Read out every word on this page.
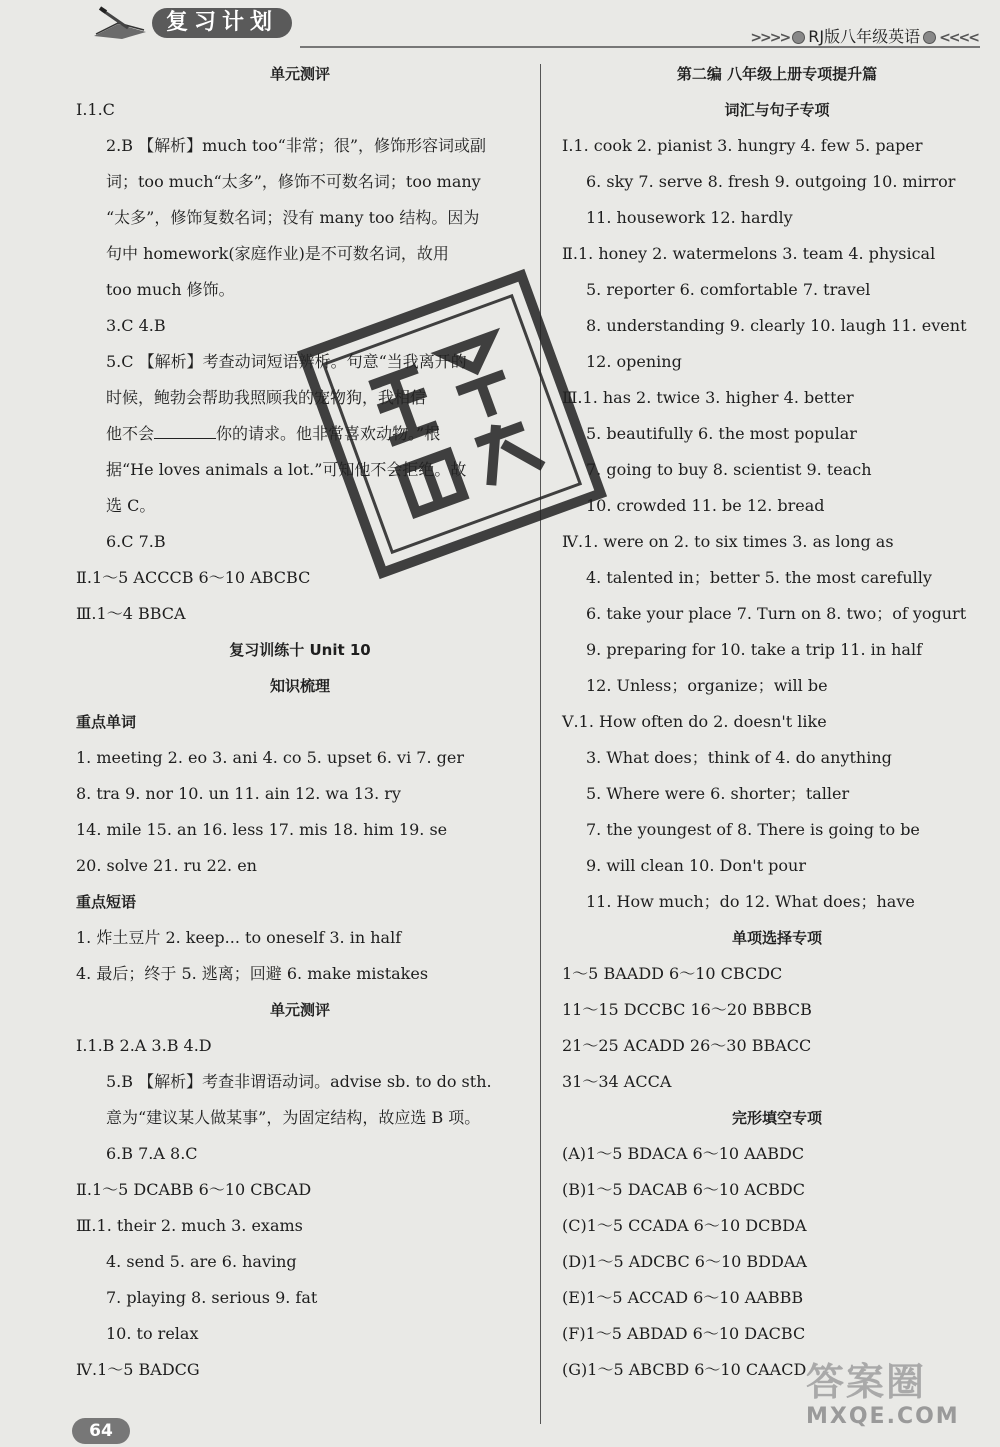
复习计划
>>>> RJ版八年级英语 <<<<
单元测评
Ⅰ.1.C
2.B 【解析】much too“非常；很”，修饰形容词或副
词；too much“太多”，修饰不可数名词；too many
“太多”，修饰复数名词；没有 many too 结构。因为
句中 homework(家庭作业)是不可数名词，故用
too much 修饰。
3.C 4.B
5.C 【解析】考查动词短语辨析。句意“当我离开的
时候，鲍勃会帮助我照顾我的宠物狗，我相信
他不会	你的请求。他非常喜欢动物。”根
据“He loves animals a lot.”可知他不会拒绝。故
选 C。
6.C 7.B
Ⅱ.1～5 ACCCB 6～10 ABCBC
Ⅲ.1～4 BBCA
复习训练十 Unit 10
知识梳理
重点单词
1. meeting 2. eo 3. ani 4. co 5. upset 6. vi 7. ger
8. tra 9. nor 10. un 11. ain 12. wa 13. ry
14. mile 15. an 16. less 17. mis 18. him 19. se
20. solve 21. ru 22. en
重点短语
1. 炸土豆片 2. keep... to oneself 3. in half
4. 最后；终于 5. 逃离；回避 6. make mistakes
单元测评
Ⅰ.1.B 2.A 3.B 4.D
5.B 【解析】考查非谓语动词。advise sb. to do sth.
意为“建议某人做某事”，为固定结构，故应选 B 项。
6.B 7.A 8.C
Ⅱ.1～5 DCABB 6～10 CBCAD
Ⅲ.1. their 2. much 3. exams
4. send 5. are 6. having
7. playing 8. serious 9. fat
10. to relax
Ⅳ.1～5 BADCG
第二编 八年级上册专项提升篇
词汇与句子专项
Ⅰ.1. cook 2. pianist 3. hungry 4. few 5. paper
6. sky 7. serve 8. fresh 9. outgoing 10. mirror
11. housework 12. hardly
Ⅱ.1. honey 2. watermelons 3. team 4. physical
5. reporter 6. comfortable 7. travel
8. understanding 9. clearly 10. laugh 11. event
12. opening
Ⅲ.1. has 2. twice 3. higher 4. better
5. beautifully 6. the most popular
7. going to buy 8. scientist 9. teach
10. crowded 11. be 12. bread
Ⅳ.1. were on 2. to six times 3. as long as
4. talented in；better 5. the most carefully
6. take your place 7. Turn on 8. two；of yogurt
9. preparing for 10. take a trip 11. in half
12. Unless；organize；will be
Ⅴ.1. How often do 2. doesn't like
3. What does；think of 4. do anything
5. Where were 6. shorter；taller
7. the youngest of 8. There is going to be
9. will clean 10. Don't pour
11. How much；do 12. What does；have
单项选择专项
1～5 BAADD 6～10 CBCDC
11～15 DCCBC 16～20 BBBCB
21～25 ACADD 26～30 BBACC
31～34 ACCA
完形填空专项
(A)1～5 BDACA 6～10 AABDC
(B)1～5 DACAB 6～10 ACBDC
(C)1～5 CCADA 6～10 DCBDA
(D)1～5 ADCBC 6～10 BDDAA
(E)1～5 ACCAD 6～10 AABBB
(F)1～5 ABDAD 6～10 DACBC
(G)1～5 ABCBD 6～10 CAACD
64
答案圈
MXQE.COM
